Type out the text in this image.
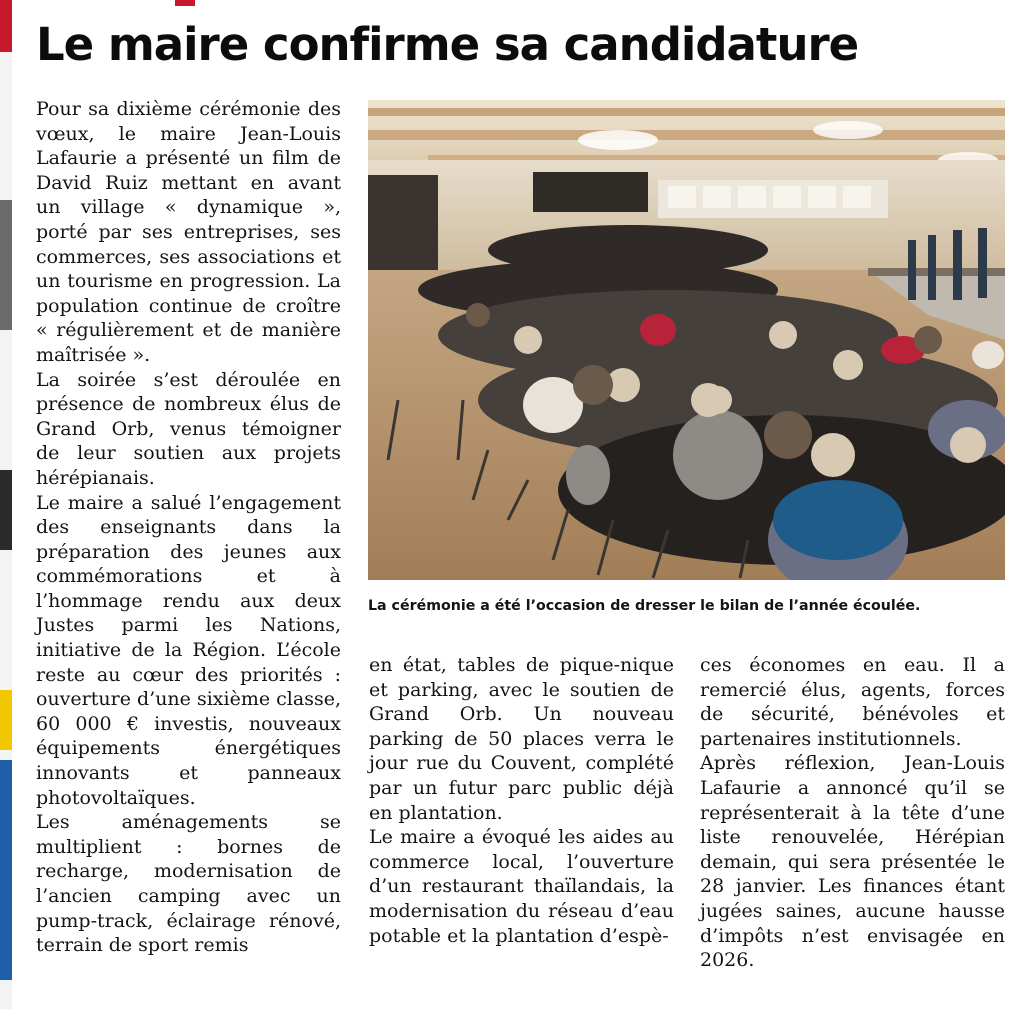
Le maire confirme sa candidature

Pour sa dixième cérémonie des vœux, le maire Jean-Louis Lafaurie a présenté un film de David Ruiz mettant en avant un village « dynamique », porté par ses entreprises, ses commerces, ses associations et un tourisme en progression. La population continue de croître « régulièrement et de manière maîtrisée ».

La soirée s’est déroulée en présence de nombreux élus de Grand Orb, venus témoigner de leur soutien aux projets hérépianais.

Le maire a salué l’engagement des enseignants dans la préparation des jeunes aux commémorations et à l’hommage rendu aux deux Justes parmi les Nations, initiative de la Région. L’école reste au cœur des priorités : ouverture d’une sixième classe, 60 000 € investis, nouveaux équipements énergétiques innovants et panneaux photovoltaïques.

Les aménagements se multiplient : bornes de recharge, modernisation de l’ancien camping avec un pump-track, éclairage rénové, terrain de sport remis

La cérémonie a été l’occasion de dresser le bilan de l’année écoulée.

en état, tables de pique-nique et parking, avec le soutien de Grand Orb. Un nouveau parking de 50 places verra le jour rue du Couvent, complété par un futur parc public déjà en plantation.

Le maire a évoqué les aides au commerce local, l’ouverture d’un restaurant thaïlandais, la modernisation du réseau d’eau potable et la plantation d’espè-

ces économes en eau. Il a remercié élus, agents, forces de sécurité, bénévoles et partenaires institutionnels.

Après réflexion, Jean-Louis Lafaurie a annoncé qu’il se représenterait à la tête d’une liste renouvelée, Hérépian demain, qui sera présentée le 28 janvier. Les finances étant jugées saines, aucune hausse d’impôts n’est envisagée en 2026.
